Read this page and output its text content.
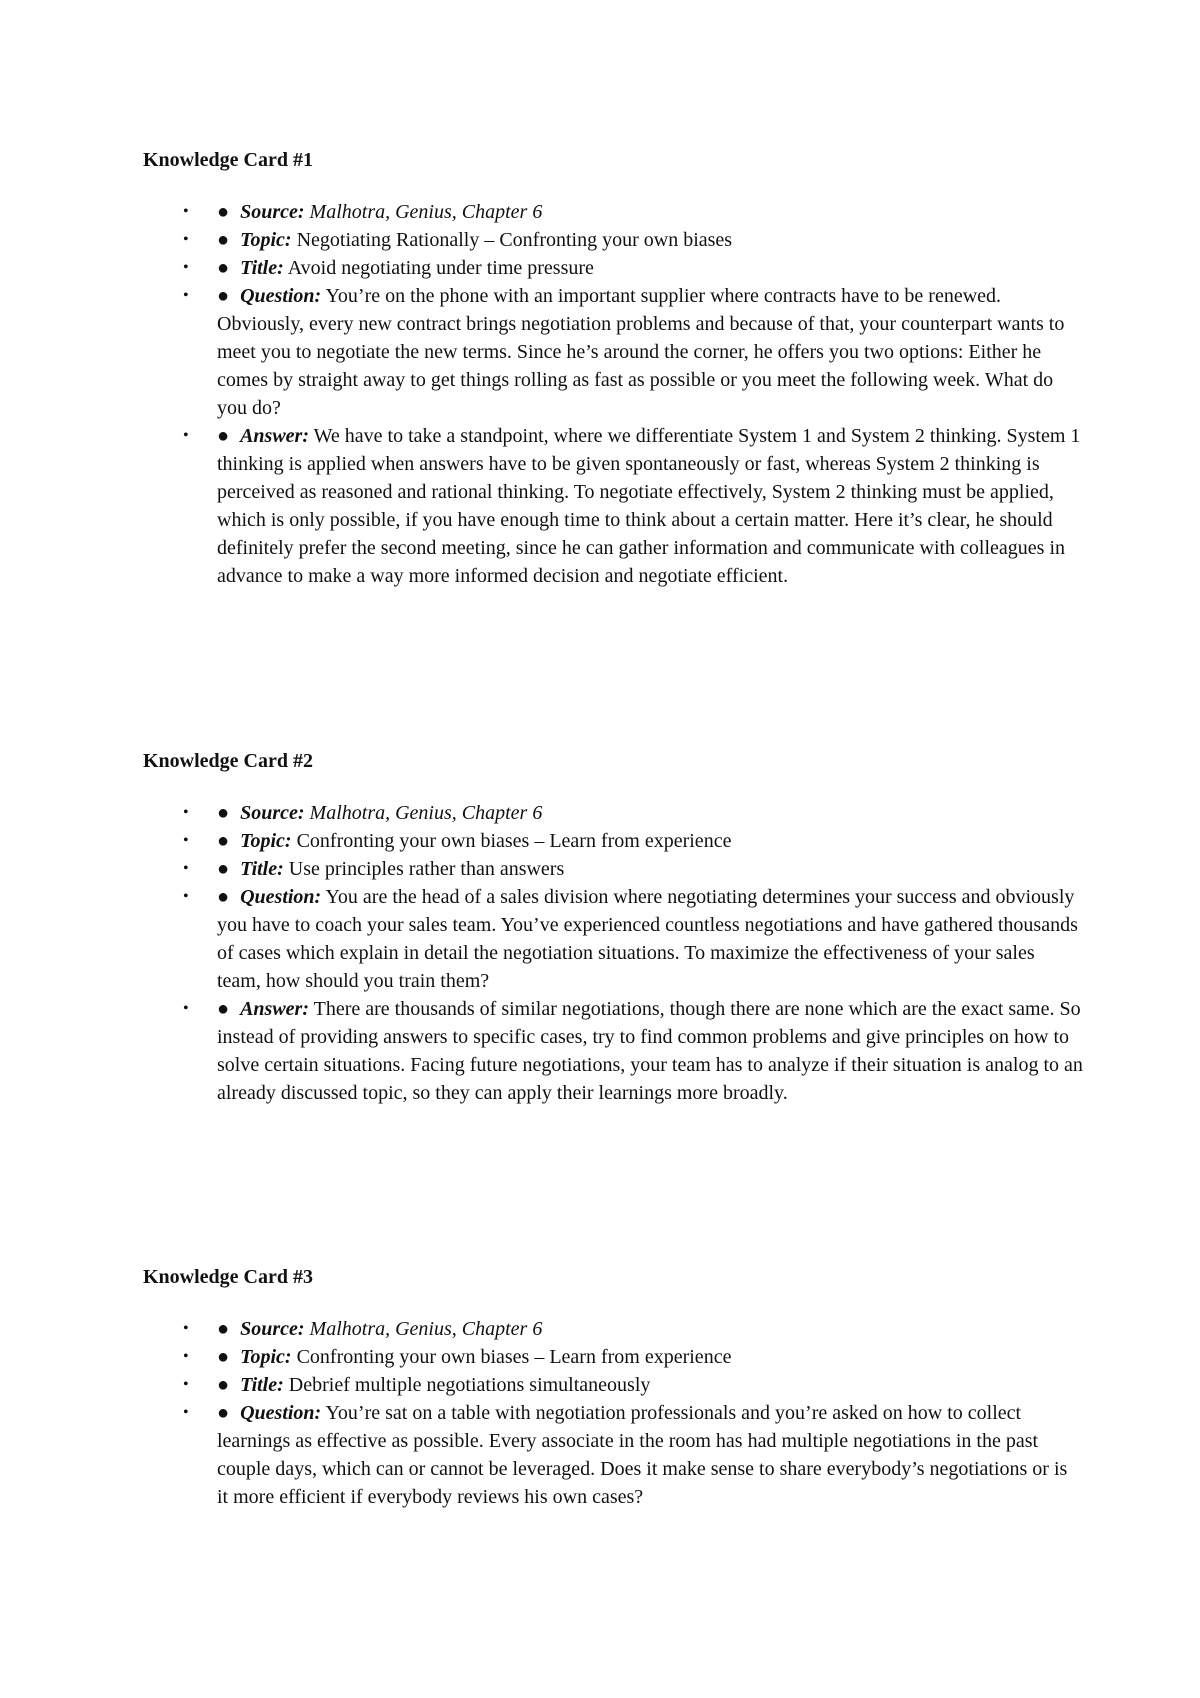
Knowledge Card #1
• ● Source: Malhotra, Genius, Chapter 6
• ● Topic: Negotiating Rationally – Confronting your own biases
• ● Title: Avoid negotiating under time pressure
• ● Question: You’re on the phone with an important supplier where contracts have to be renewed. Obviously, every new contract brings negotiation problems and because of that, your counterpart wants to meet you to negotiate the new terms. Since he’s around the corner, he offers you two options: Either he comes by straight away to get things rolling as fast as possible or you meet the following week. What do you do?
• ● Answer: We have to take a standpoint, where we differentiate System 1 and System 2 thinking. System 1 thinking is applied when answers have to be given spontaneously or fast, whereas System 2 thinking is perceived as reasoned and rational thinking. To negotiate effectively, System 2 thinking must be applied, which is only possible, if you have enough time to think about a certain matter. Here it’s clear, he should definitely prefer the second meeting, since he can gather information and communicate with colleagues in advance to make a way more informed decision and negotiate efficient.
Knowledge Card #2
• ● Source: Malhotra, Genius, Chapter 6
• ● Topic: Confronting your own biases – Learn from experience
• ● Title: Use principles rather than answers
• ● Question: You are the head of a sales division where negotiating determines your success and obviously you have to coach your sales team. You’ve experienced countless negotiations and have gathered thousands of cases which explain in detail the negotiation situations. To maximize the effectiveness of your sales team, how should you train them?
• ● Answer: There are thousands of similar negotiations, though there are none which are the exact same. So instead of providing answers to specific cases, try to find common problems and give principles on how to solve certain situations. Facing future negotiations, your team has to analyze if their situation is analog to an already discussed topic, so they can apply their learnings more broadly.
Knowledge Card #3
• ● Source: Malhotra, Genius, Chapter 6
• ● Topic: Confronting your own biases – Learn from experience
• ● Title: Debrief multiple negotiations simultaneously
• ● Question: You’re sat on a table with negotiation professionals and you’re asked on how to collect learnings as effective as possible. Every associate in the room has had multiple negotiations in the past couple days, which can or cannot be leveraged. Does it make sense to share everybody’s negotiations or is it more efficient if everybody reviews his own cases?
